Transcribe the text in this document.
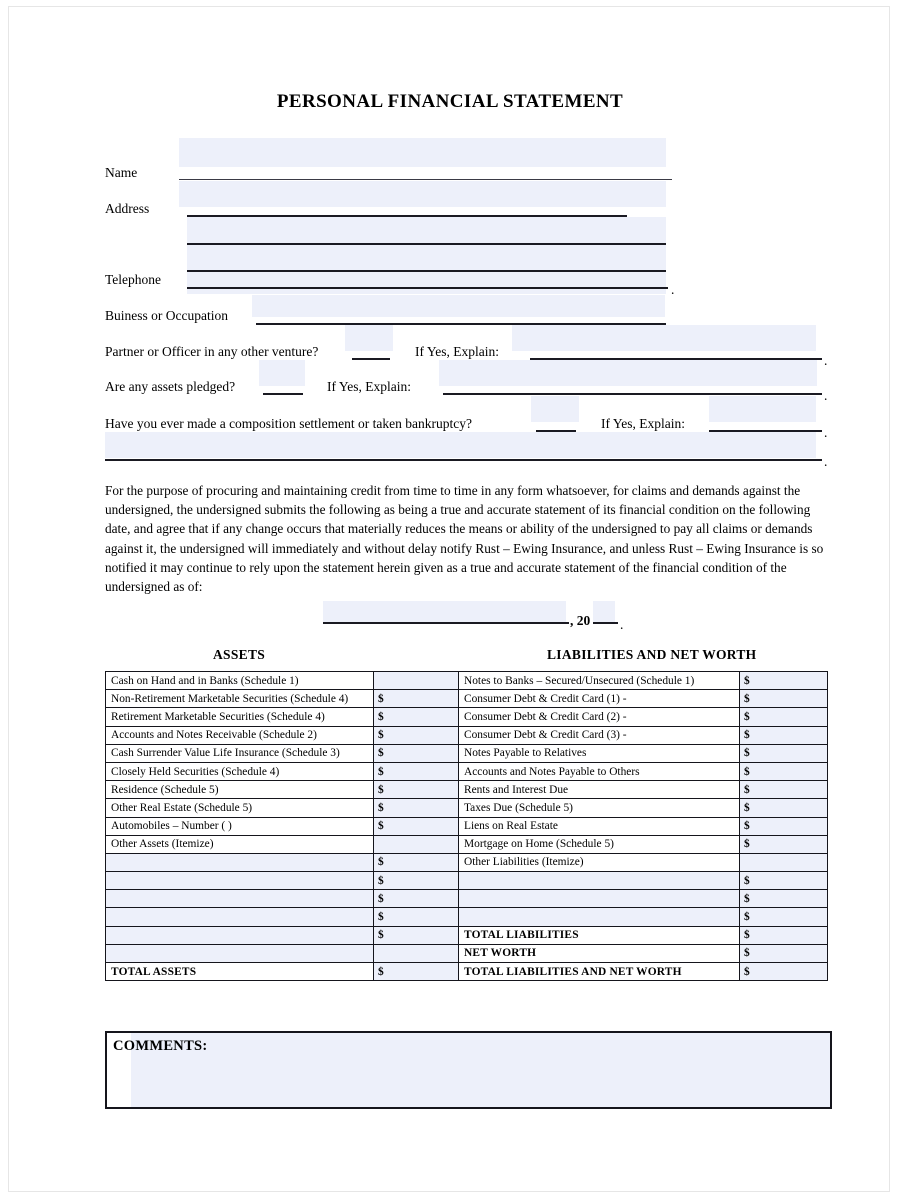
PERSONAL FINANCIAL STATEMENT
Name
Address
Telephone
.
Buiness or Occupation
Partner or Officer in any other venture?	If Yes, Explain:
.
Are any assets pledged?	If Yes, Explain:
.
Have you ever made a composition settlement or taken bankruptcy?	If Yes, Explain:
.
.
For the purpose of procuring and maintaining credit from time to time in any form whatsoever, for claims and demands against the undersigned, the undersigned submits the following as being a true and accurate statement of its financial condition on the following date, and agree that if any change occurs that materially reduces the means or ability of the undersigned to pay all claims or demands against it, the undersigned will immediately and without delay notify Rust – Ewing Insurance, and unless Rust – Ewing Insurance is so notified it may continue to rely upon the statement herein given as a true and accurate statement of the financial condition of the undersigned as of:
, 20 .
ASSETS	LIABILITIES AND NET WORTH
Cash on Hand and in Banks (Schedule 1)		Notes to Banks – Secured/Unsecured (Schedule 1)	$
Non-Retirement Marketable Securities (Schedule 4)	$	Consumer Debt & Credit Card (1) -	$
Retirement Marketable Securities (Schedule 4)	$	Consumer Debt & Credit Card (2) -	$
Accounts and Notes Receivable (Schedule 2)	$	Consumer Debt & Credit Card (3) -	$
Cash Surrender Value Life Insurance (Schedule 3)	$	Notes Payable to Relatives	$
Closely Held Securities (Schedule 4)	$	Accounts and Notes Payable to Others	$
Residence (Schedule 5)	$	Rents and Interest Due	$
Other Real Estate (Schedule 5)	$	Taxes Due (Schedule 5)	$
Automobiles – Number ( )	$	Liens on Real Estate	$
Other Assets (Itemize)		Mortgage on Home (Schedule 5)	$
	$	Other Liabilities (Itemize)	
	$		$
	$		$
	$		$
	$	TOTAL LIABILITIES	$
		NET WORTH	$
TOTAL ASSETS	$	TOTAL LIABILITIES AND NET WORTH	$
COMMENTS:
